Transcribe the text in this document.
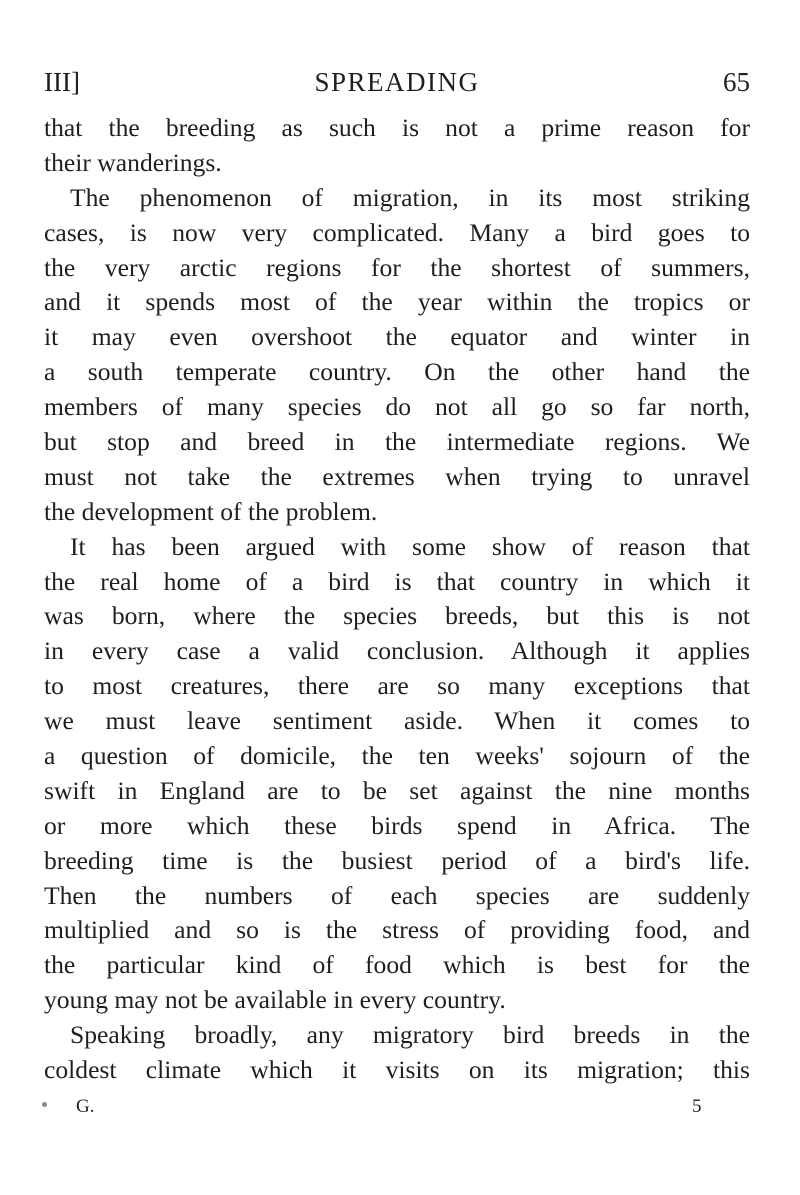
III]	SPREADING	65
that the breeding as such is not a prime reason for
their wanderings.
The phenomenon of migration, in its most striking
cases, is now very complicated. Many a bird goes to
the very arctic regions for the shortest of summers,
and it spends most of the year within the tropics or
it may even overshoot the equator and winter in
a south temperate country. On the other hand the
members of many species do not all go so far north,
but stop and breed in the intermediate regions. We
must not take the extremes when trying to unravel
the development of the problem.
It has been argued with some show of reason that
the real home of a bird is that country in which it
was born, where the species breeds, but this is not
in every case a valid conclusion. Although it applies
to most creatures, there are so many exceptions that
we must leave sentiment aside. When it comes to
a question of domicile, the ten weeks' sojourn of the
swift in England are to be set against the nine months
or more which these birds spend in Africa. The
breeding time is the busiest period of a bird's life.
Then the numbers of each species are suddenly
multiplied and so is the stress of providing food, and
the particular kind of food which is best for the
young may not be available in every country.
Speaking broadly, any migratory bird breeds in the
coldest climate which it visits on its migration; this
G.	5
